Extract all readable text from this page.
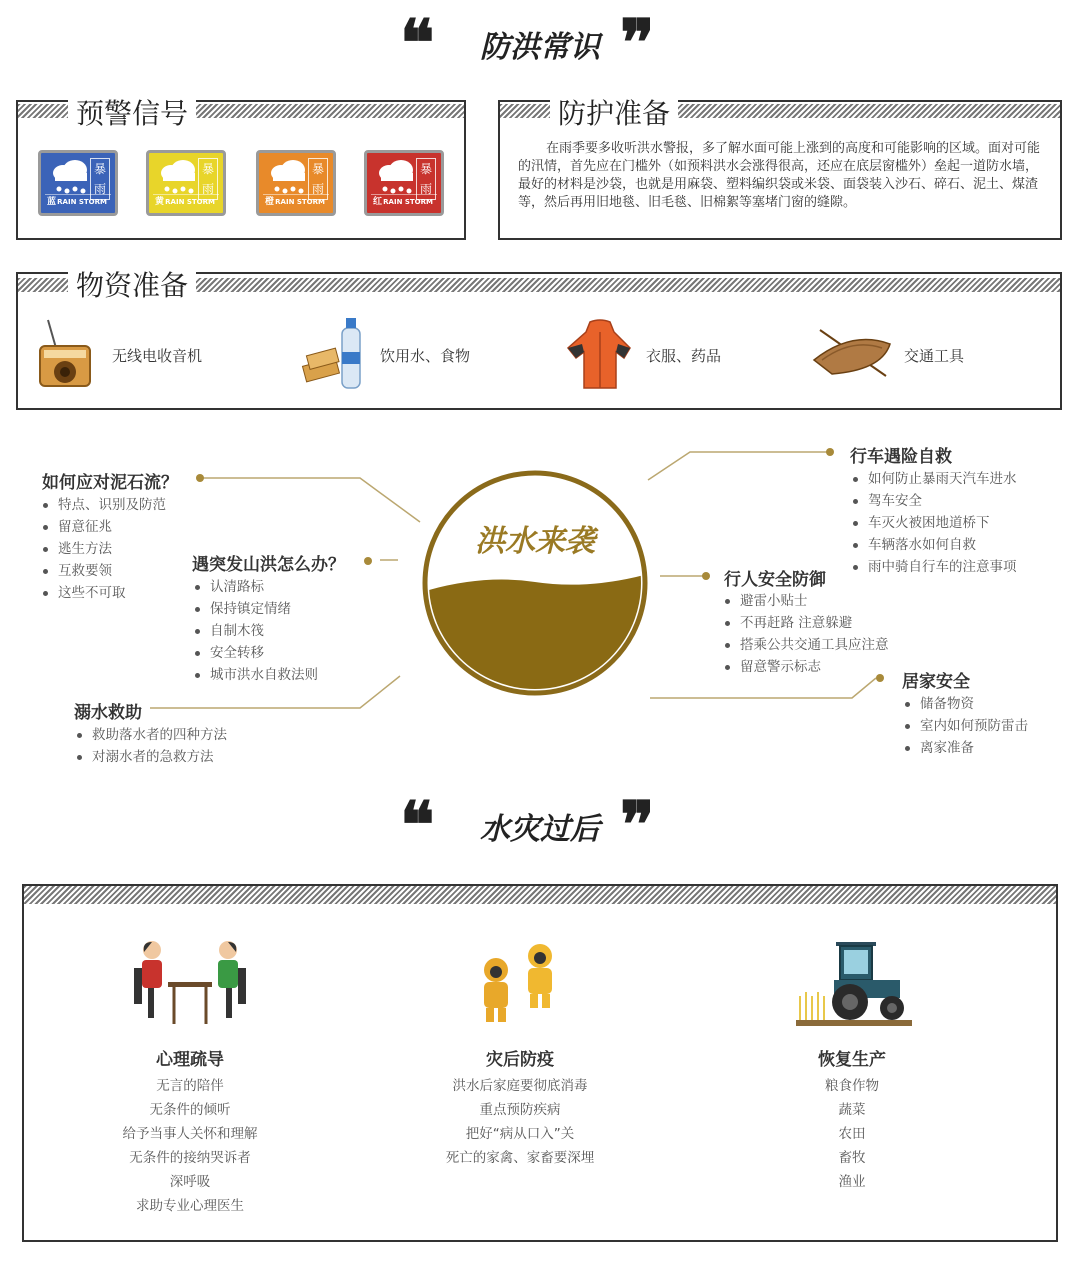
❝	防洪常识 ❞
预警信号
暴雨
蓝 RAIN STORM
暴雨
黄 RAIN STORM
暴雨
橙 RAIN STORM
暴雨
红 RAIN STORM
防护准备
在雨季要多收听洪水警报，多了解水面可能上涨到的高度和可能影响的区域。面对可能的汛情，首先应在门槛外（如预料洪水会涨得很高，还应在底层窗槛外）垒起一道防水墙，最好的材料是沙袋，也就是用麻袋、塑料编织袋或米袋、面袋装入沙石、碎石、泥土、煤渣等，然后再用旧地毯、旧毛毯、旧棉絮等塞堵门窗的缝隙。
物资准备
无线电收音机	饮用水、食物	衣服、药品	交通工具
洪水来袭
如何应对泥石流？
特点、识别及防范
留意征兆
逃生方法
互救要领
这些不可取
遇突发山洪怎么办？
认清路标
保持镇定情绪
自制木筏
安全转移
城市洪水自救法则
溺水救助
救助落水者的四种方法
对溺水者的急救方法
行车遇险自救
如何防止暴雨天汽车进水
驾车安全
车灭火被困地道桥下
车辆落水如何自救
雨中骑自行车的注意事项
行人安全防御
避雷小贴士
不再赶路 注意躲避
搭乘公共交通工具应注意
留意警示标志
居家安全
储备物资
室内如何预防雷击
离家准备
❝	水灾过后 ❞
心理疏导
无言的陪伴
无条件的倾听
给予当事人关怀和理解
无条件的接纳哭诉者
深呼吸
求助专业心理医生
灾后防疫
洪水后家庭要彻底消毒
重点预防疾病
把好“病从口入”关
死亡的家禽、家畜要深埋
恢复生产
粮食作物
蔬菜
农田
畜牧
渔业
